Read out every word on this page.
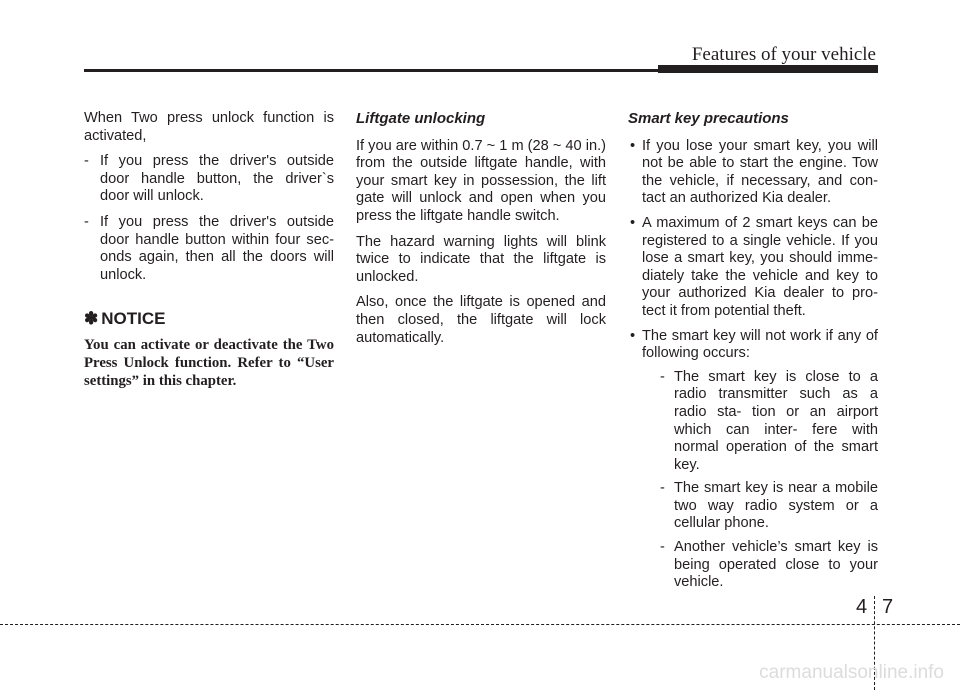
Features of your vehicle

When Two press unlock function is activated,

- If you press the driver's outside door handle button, the driver`s door will unlock.
- If you press the driver's outside door handle button within four sec- onds again, then all the doors will unlock.
✽ NOTICE

You can activate or deactivate the Two Press Unlock function. Refer to “User settings” in this chapter.

Liftgate unlocking

If you are within 0.7 ~ 1 m (28 ~ 40 in.) from the outside liftgate handle, with your smart key in possession, the lift gate will unlock and open when you press the liftgate handle switch.

The hazard warning lights will blink twice to indicate that the liftgate is unlocked.

Also, once the liftgate is opened and then closed, the liftgate will lock automatically.

Smart key precautions
• If you lose your smart key, you will not be able to start the engine. Tow the vehicle, if necessary, and con- tact an authorized Kia dealer.
• A maximum of 2 smart keys can be registered to a single vehicle. If you lose a smart key, you should imme- diately take the vehicle and key to your authorized Kia dealer to pro- tect it from potential theft.
• The smart key will not work if any of following occurs:
- The smart key is close to a radio transmitter such as a radio sta- tion or an airport which can inter- fere with normal operation of the smart key.
- The smart key is near a mobile two way radio system or a cellular phone.
- Another vehicle’s smart key is being operated close to your vehicle.
4 7
carmanualsonline.info
